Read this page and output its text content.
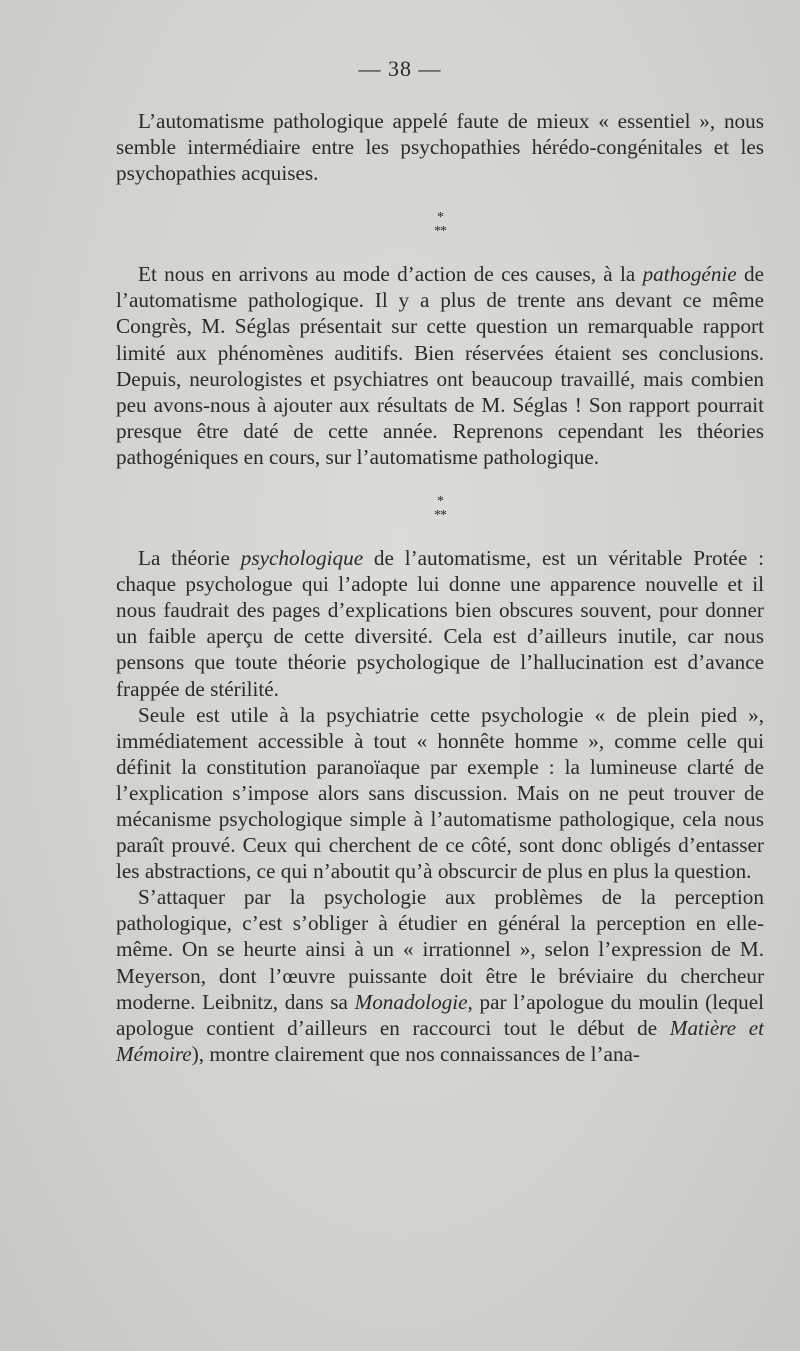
— 38 —

L’automatisme pathologique appelé faute de mieux « essentiel », nous semble intermédiaire entre les psychopathies hérédo-congénitales et les psychopathies acquises.

*
**

Et nous en arrivons au mode d’action de ces causes, à la pathogénie de l’automatisme pathologique. Il y a plus de trente ans devant ce même Congrès, M. Séglas présentait sur cette question un remarquable rapport limité aux phénomènes auditifs. Bien réservées étaient ses conclusions. Depuis, neurologistes et psychiatres ont beaucoup travaillé, mais combien peu avons-nous à ajouter aux résultats de M. Séglas ! Son rapport pourrait presque être daté de cette année. Reprenons cependant les théories pathogéniques en cours, sur l’automatisme pathologique.

*
**

La théorie psychologique de l’automatisme, est un véritable Protée : chaque psychologue qui l’adopte lui donne une apparence nouvelle et il nous faudrait des pages d’explications bien obscures souvent, pour donner un faible aperçu de cette diversité. Cela est d’ailleurs inutile, car nous pensons que toute théorie psychologique de l’hallucination est d’avance frappée de stérilité.

Seule est utile à la psychiatrie cette psychologie « de plein pied », immédiatement accessible à tout « honnête homme », comme celle qui définit la constitution paranoïaque par exemple : la lumineuse clarté de l’explication s’impose alors sans discussion. Mais on ne peut trouver de mécanisme psychologique simple à l’automatisme pathologique, cela nous paraît prouvé. Ceux qui cherchent de ce côté, sont donc obligés d’entasser les abstractions, ce qui n’aboutit qu’à obscurcir de plus en plus la question.

S’attaquer par la psychologie aux problèmes de la perception pathologique, c’est s’obliger à étudier en général la perception en elle-même. On se heurte ainsi à un « irrationnel », selon l’expression de M. Meyerson, dont l’œuvre puissante doit être le bréviaire du chercheur moderne. Leibnitz, dans sa Monadologie, par l’apologue du moulin (lequel apologue contient d’ailleurs en raccourci tout le début de Matière et Mémoire), montre clairement que nos connaissances de l’ana-
